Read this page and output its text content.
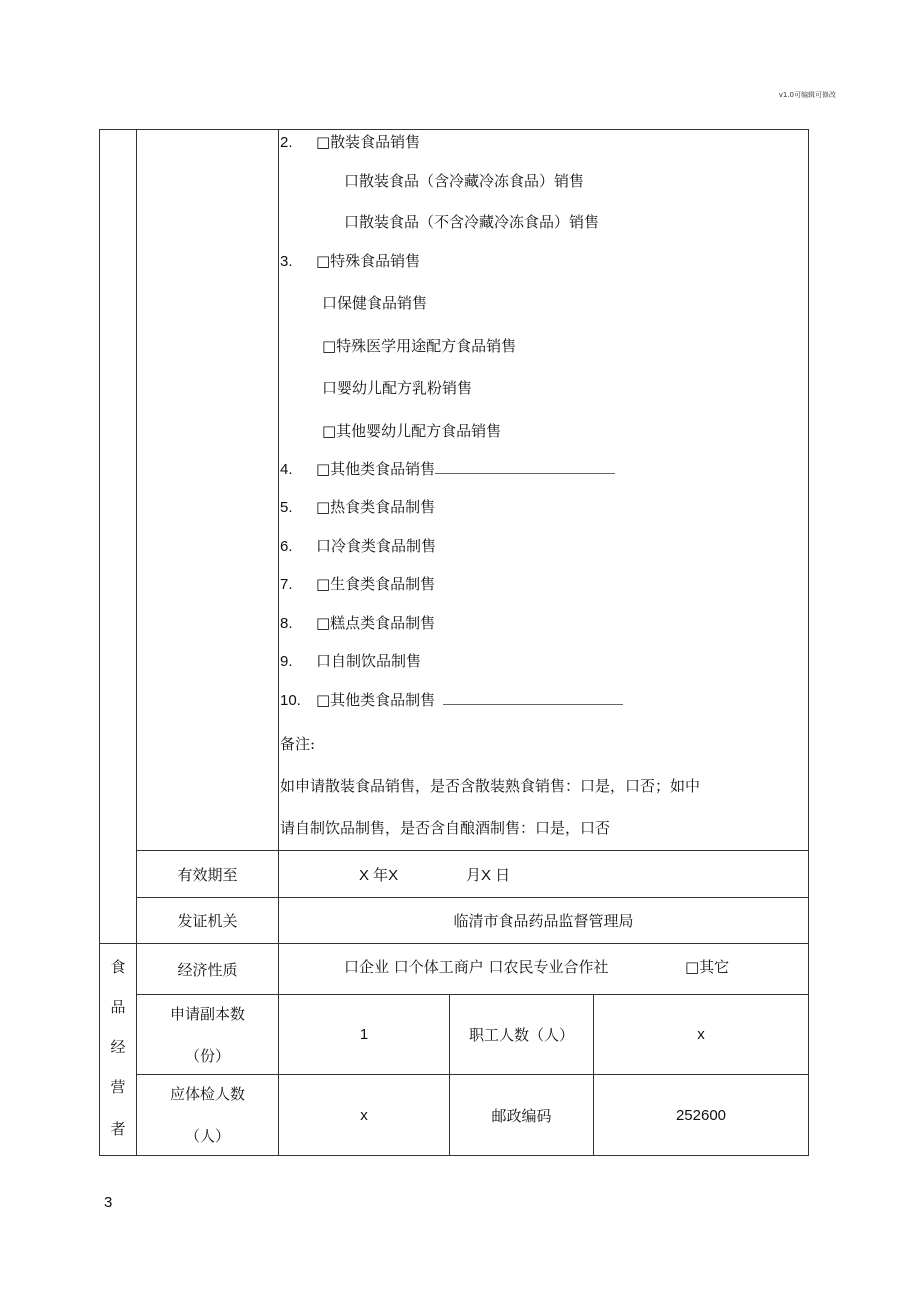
v1.0可编辑可修改
2. □散装食品销售
口散装食品（含冷藏冷冻食品）销售
口散装食品（不含冷藏冷冻食品）销售
3. □特殊食品销售
口保健食品销售
□特殊医学用途配方食品销售
口婴幼儿配方乳粉销售
□其他婴幼儿配方食品销售
4. □其他类食品销售
5. □热食类食品制售
6. 口冷食类食品制售
7. □生食类食品制售
8. □糕点类食品制售
9. 口自制饮品制售
10. □其他类食品制售
备注:
如申请散装食品销售，是否含散装熟食销售：口是，口否；如中
请自制饮品制售，是否含自酿酒制售：口是，口否
有效期至	X 年X	月X 日
发证机关	临清市食品药品监督管理局
食
品
经
营
者
经济性质	口企业 口个体工商户 口农民专业合作社	□其它
申请副本数
（份）
1	职工人数（人）	x
应体检人数
（人）
x	邮政编码	252600
3
